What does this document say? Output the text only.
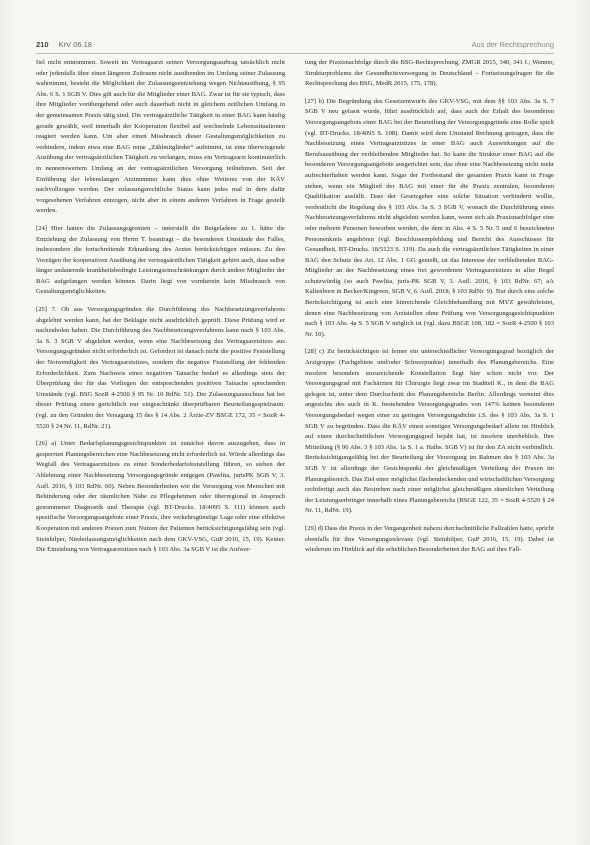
210 KrV 06.18	Aus der Rechtsprechung

fiel nicht entnommen. Soweit im Vertragsarzt seinen Versorgungsauftrag tatsächlich nicht oder jedenfalls über einen längeren Zeitraum nicht ausübenden im Umfang seiner Zulassung wahrnimmt, besteht die Möglichkeit der Zulassungsentziehung wegen Nichtausübung, § 95 Abs. 6 S. 1 SGB V. Dies gilt auch für die Mitglieder einer BAG. Zwar ist für sie typisch, dass ihre Mitglieder vorübergehend oder auch dauerhaft nicht in gleichem zeitlichen Umfang in der gemeinsamen Praxis tätig sind. Die vertragsärztliche Tätigkeit in einer BAG kann häufig gerade gewählt, weil innerhalb der Kooperation flexibel auf wechselnde Lebenssituationen reagiert werden kann. Um aber einen Missbrauch dieser Gestaltungsmöglichkeiten zu verhindern, indem etwa eine BAG reine „Zählmitglieder“ aufnimmt, ist eine überwiegende Ausübung der vertragsärztlichen Tätigkeit zu verlangen, muss ein Vertragsarzt kontinuierlich in nennenswertem Umfang an der vertragsärztlichen Versorgung teilnehmen. Seit der Einführung der lebenslangen Arztnummer kann dies ohne Weiteres von der KÄV nachvollzogen werden. Der zulassungsrechtliche Status kann jedes mal in dem dafür vorgesehenen Verfahren entzogen, nicht aber in einem anderen Verfahren in Frage gestellt werden.

[24] Hier hatten die Zulassungsgremien – unterstellt die Beigeladene zu 1. hätte die Entziehung der Zulassung von Herrn T. beantragt – die besonderen Umstände des Falles, insbesondere die fortschreitende Erkrankung des Arztes berücksichtigen müssen. Zu den Vorzügen der kooperativen Ausübung der vertragsärztlichen Tätigkeit gehört auch, dass selbst länger andauernde krankheitsbedingte Leistungseinschränkungen durch andere Mitglieder der BAG aufgefangen werden können. Darin liegt von vornherein kein Missbrauch von Gestaltungsmöglichkeiten.

[25] 7. Ob aus Versorgungsgründen die Durchführung des Nachbesetzungsverfahrens abgelehnt werden kann, hat der Beklagte nicht ausdrücklich geprüft. Diese Prüfung wird er nachzuholen haben. Die Durchführung des Nachbesetzungsverfahrens kann nach § 103 Abs. 3a S. 3 SGB V abgelehnt werden, wenn eine Nachbesetzung des Vertragsarztsitzes aus Versorgungsgründen nicht erforderlich ist. Gefordert ist danach nicht die positive Feststellung der Notwendigkeit des Vertragsarztsitzes, sondern die negative Feststellung der fehlenden Erforderlichkeit. Zum Nachweis eines negativen Tatsache bedarf es allerdings stets der Überprüfung der für das Vorliegen der entsprechenden positiven Tatsache sprechenden Umstände (vgl. BSG SozR 4-2500 § 95 Nr. 10 RdNr. 51). Der Zulassungsausschuss hat bei dieser Prüfung einen gerichtlich nur eingeschränkt überprüfbaren Beurteilungsspielraum. (vgl. zu den Gründen der Versagung 15 des § 14 Abs. 2 Ärzte-ZV BSGE 172, 35 = SozR 4-5520 § 24 Nr. 11, RdNr. 21).

[26] a) Unter Bedarfsplanungsgesichtspunkten ist zunächst davon auszugehen, dass in gesperrten Planungsbereichen eine Nachbesetzung nicht erforderlich ist. Würde allerdings das Wegfall des Vertragsarztsitzes zu einer Sonderbedarfsfeststellung führen, so stehen der Ablehnung einer Nachbesetzung Versorgungsgründe entgegen (Pawlita, jurisPK SGB V, 3. Aufl. 2016, § 103 RdNr. 60). Neben Besonderheiten wie die Versorgung von Menschen mit Behinderung oder der räumlichen Nähe zu Pflegeheimen oder überregional in Anspruch genommener Diagnostik und Therapie (vgl. BT-Drucks. 18/4095 S. 111) können auch spezifische Versorgungsangebote einer Praxis, ihre verkehrsgünstige Lage oder eine effektive Kooperation mit anderen Praxen zum Nutzen der Patienten berücksichtigungsfähig sein (vgl. Steinhilper, Niederlassungsmöglichkeiten nach dem GKV-VSG, GuP 2016, 15, 19). Keiner. Die Einziehung von Vertragsarztsitzen nach § 103 Abs. 3a SGB V ist die Aufwer-

tung der Praxisnachfolge durch die BSG-Rechtsprechung, ZMGR 2015, 340, 341 f.; Wenner, Strukturprobleme der Gesundheitsversorgung in Deutschland – Fortsetzungsfragen für die Rechtsprechung des BSG, MedR 2015, 175, 178).

[27] b) Die Begründung des Gesetzentwurfs des GKV-VSG, mit dem §§ 103 Abs. 3a S. 7 SGB V neu gefasst wurde, führt ausdrücklich auf, dass auch der Erhalt des besonderen Versorgungsangebots einer BAG bei der Beurteilung der Versorgungsgründe eine Rolle spielt (vgl. BT-Drucks. 18/4095 S. 108). Damit wird dem Umstand Rechnung getragen, dass die Nachbesetzung eines Vertragsarztsitzes in einer BAG auch Auswirkungen auf die Berufsausübung der verbleibenden Mitglieder hat. So kann die Struktur einer BAG auf die besonderen Versorgungsangebote ausgerichtet sein, das ohne eine Nachbesetzung nicht mehr aufrechterhalten werden kann. Sogar der Fortbestand der gesamten Praxis kann in Frage stehen, wenn ein Mitglied der BAG mit einer für die Praxis zentralen, besonderen Qualifikation ausfällt. Dass der Gesetzgeber eine solche Situation verhindern wollte, verdeutlicht die Regelung des § 103 Abs. 3a S. 3 SGB V, wonach die Durchführung eines Nachbesetzungsverfahrens nicht abgelehnt werden kann, wenn sich als Praxisnachfolger eine oder mehrere Personen beworben werden, die dem in Abs. 4 S. 5 Nr. 5 und 6 bezeichneten Personenkreis angehören (vgl. Beschlussempfehlung und Bericht des Ausschusses für Gesundheit, BT-Drucks. 18/5123 S. 119). Da auch die vertragsärztlichen Tätigkeiten in einer BAG den Schutz des Art. 12 Abs. 1 GG genießt, ist das Interesse der verbleibenden BAG-Mitglieder an der Nachbesetzung eines frei gewordenen Vertragsarztsitzes in aller Regel schutzwürdig (so auch Pawlita, juris-PK SGB V, 3. Aufl. 2016, § 103 RdNr. 67; aA Kaltenborn in Becker/Kingreen, SGB V, 6. Aufl. 2018, § 103 RdNr. 9). Nur durch eine solche Berücksichtigung ist auch eine hinreichende Gleichbehandlung mit MVZ gewährleistet, denen eine Nachbesetzung von Arztstellen ohne Prüfung von Versorgungsgesichtspunkten nach § 103 Abs. 4a S. 5 SGB V möglich ist (vgl. dazu BSGE 108, 182 = SozR 4-2500 § 103 Nr. 10).

[28] c) Zu berücksichtigen ist ferner ein unterschiedlicher Versorgungsgrad bezüglich der Arztgruppe (Fachgebiete und/oder Schwerpunkte) innerhalb des Planungsbereichs. Eine insofern besonders unzureichende Konstellation liegt hier schon nicht vor. Der Versorgungsgrad mit Fachärzten für Chirurgie liegt zwar im Stadtteil K., in dem die BAG gelegen ist, unter dem Durchschnitt des Planungsbereichs Berlin. Allerdings verneint dies angesichts des auch in K. bestehenden Versorgungsgrades von 147% keinen besonderen Versorgungsbedarf wegen einer zu geringen Versorgungsdichte i.S. des § 103 Abs. 3a S. 1 SGB V zu begründen. Dass die KÄV einen sonstigen Versorgungsbedarf allein im Hinblick auf einen durchschnittlichen Versorgungsgrad bejaht hat, ist insofern unerheblich. Ihre Mitteilung (§ 96 Abs. 3 § 103 Abs. 1a S. 1 a. Halbs. SGB V) ist für den ZA nicht verbindlich. Berücksichtigungsfähig bei der Beurteilung der Versorgung im Rahmen des § 103 Abs. 3a SGB V ist allerdings der Gesichtspunkt der gleichmäßigen Verteilung der Praxen im Planungsbereich. Das Ziel einer möglichst flächendeckenden und wirtschaftlichen Versorgung rechtfertigt auch das Bestreben nach einer möglichst gleichmäßigen räumlichen Verteilung der Leistungserbringer innerhalb eines Planungsbereichs (BSGE 122, 35 = SozR 4-5520 § 24 Nr. 11, RdNr. 19).

[29] d) Dass die Praxis in der Vergangenheit nahezu durchschnittliche Fallzahlen hatte, spricht ebenfalls für ihre Versorgungsrelevanz (vgl. Steinhilper, GuP 2016, 15, 19). Dabei ist wiederum im Hinblick auf die erheblichen Besonderheiten der BAG auf ihre Fall-
